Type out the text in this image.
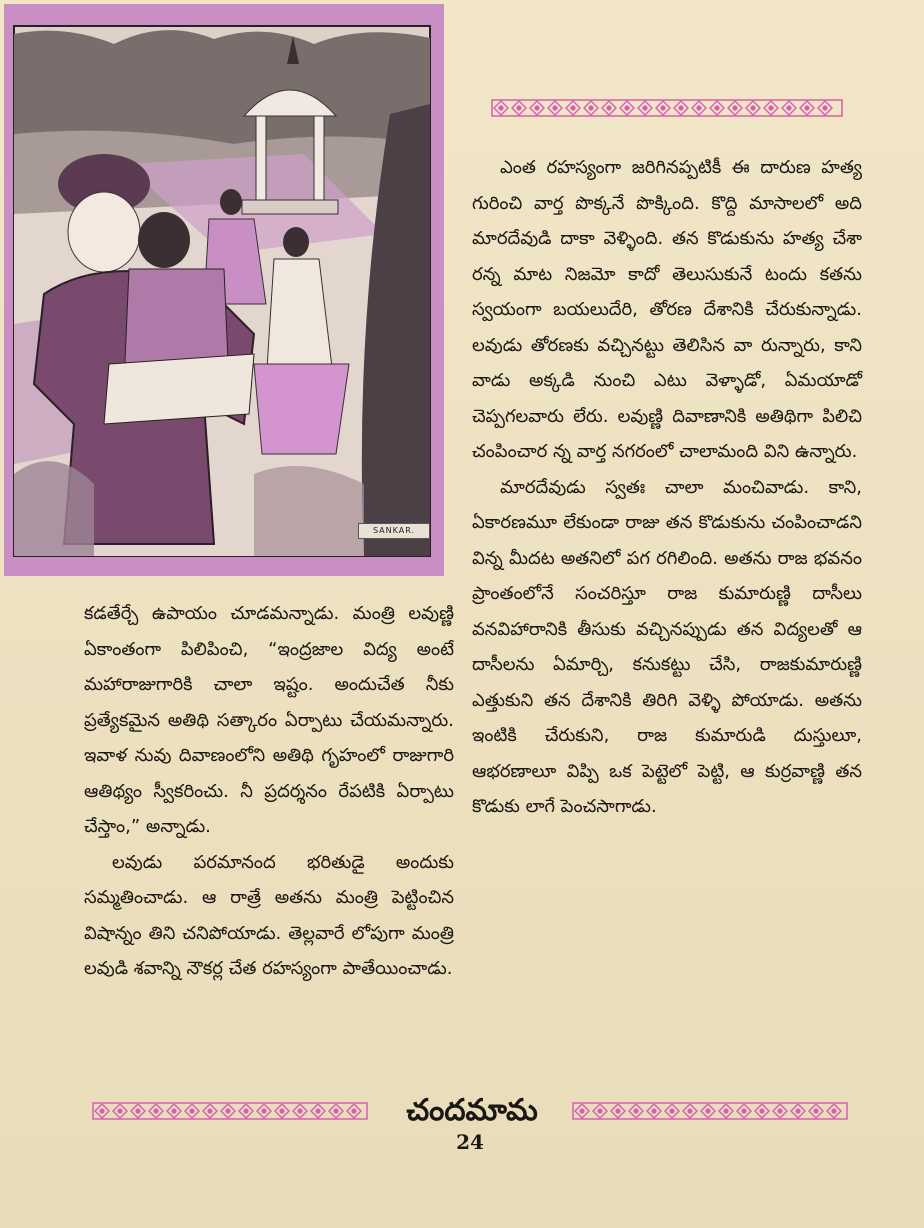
SANKAR.

ఎంత రహస్యంగా జరిగినప్పటికీ ఈ దారుణ హత్య గురించి వార్త పొక్కనే పొక్కింది. కొద్ది మాసాలలో అది మారదేవుడి దాకా వెళ్ళింది. తన కొడుకును హత్య చేశా రన్న మాట నిజమో కాదో తెలుసుకునే టందు కతను స్వయంగా బయలుదేరి, తోరణ దేశానికి చేరుకున్నాడు. లవుడు తోరణకు వచ్చినట్టు తెలిసిన వా రున్నారు, కాని వాడు అక్కడి నుంచి ఎటు వెళ్ళాడో, ఏమయాడో చెప్పగలవారు లేరు. లవుణ్ణి దివాణానికి అతిథిగా పిలిచి చంపించార న్న వార్త నగరంలో చాలామంది విని ఉన్నారు.

మారదేవుడు స్వతః చాలా మంచివాడు. కాని, ఏకారణమూ లేకుండా రాజు తన కొడుకును చంపించాడని విన్న మీదట అతనిలో పగ రగిలింది. అతను రాజ భవనం ప్రాంతంలోనే సంచరిస్తూ రాజ కుమారుణ్ణి దాసీలు వనవిహారానికి తీసుకు వచ్చినప్పుడు తన విద్యలతో ఆ దాసీలను ఏమార్చి, కనుకట్టు చేసి, రాజకుమారుణ్ణి ఎత్తుకుని తన దేశానికి తిరిగి వెళ్ళి పోయాడు. అతను ఇంటికి చేరుకుని, రాజ కుమారుడి దుస్తులూ, ఆభరణాలూ విప్పి ఒక పెట్టెలో పెట్టి, ఆ కుర్రవాణ్ణి తన కొడుకు లాగే పెంచసాగాడు.

కడతేర్చే ఉపాయం చూడమన్నాడు. మంత్రి లవుణ్ణి ఏకాంతంగా పిలిపించి, “ఇంద్రజాల విద్య అంటే మహారాజుగారికి చాలా ఇష్టం. అందుచేత నీకు ప్రత్యేకమైన అతిథి సత్కారం ఏర్పాటు చేయమన్నారు. ఇవాళ నువు దివాణంలోని అతిథి గృహంలో రాజుగారి ఆతిథ్యం స్వీకరించు. నీ ప్రదర్శనం రేపటికి ఏర్పాటు చేస్తాం,” అన్నాడు.

లవుడు పరమానంద భరితుడై అందుకు సమ్మతించాడు. ఆ రాత్రే అతను మంత్రి పెట్టించిన విషాన్నం తిని చనిపోయాడు. తెల్లవారే లోపుగా మంత్రి లవుడి శవాన్ని నౌకర్ల చేత రహస్యంగా పాతేయించాడు.

చందమామ
24
